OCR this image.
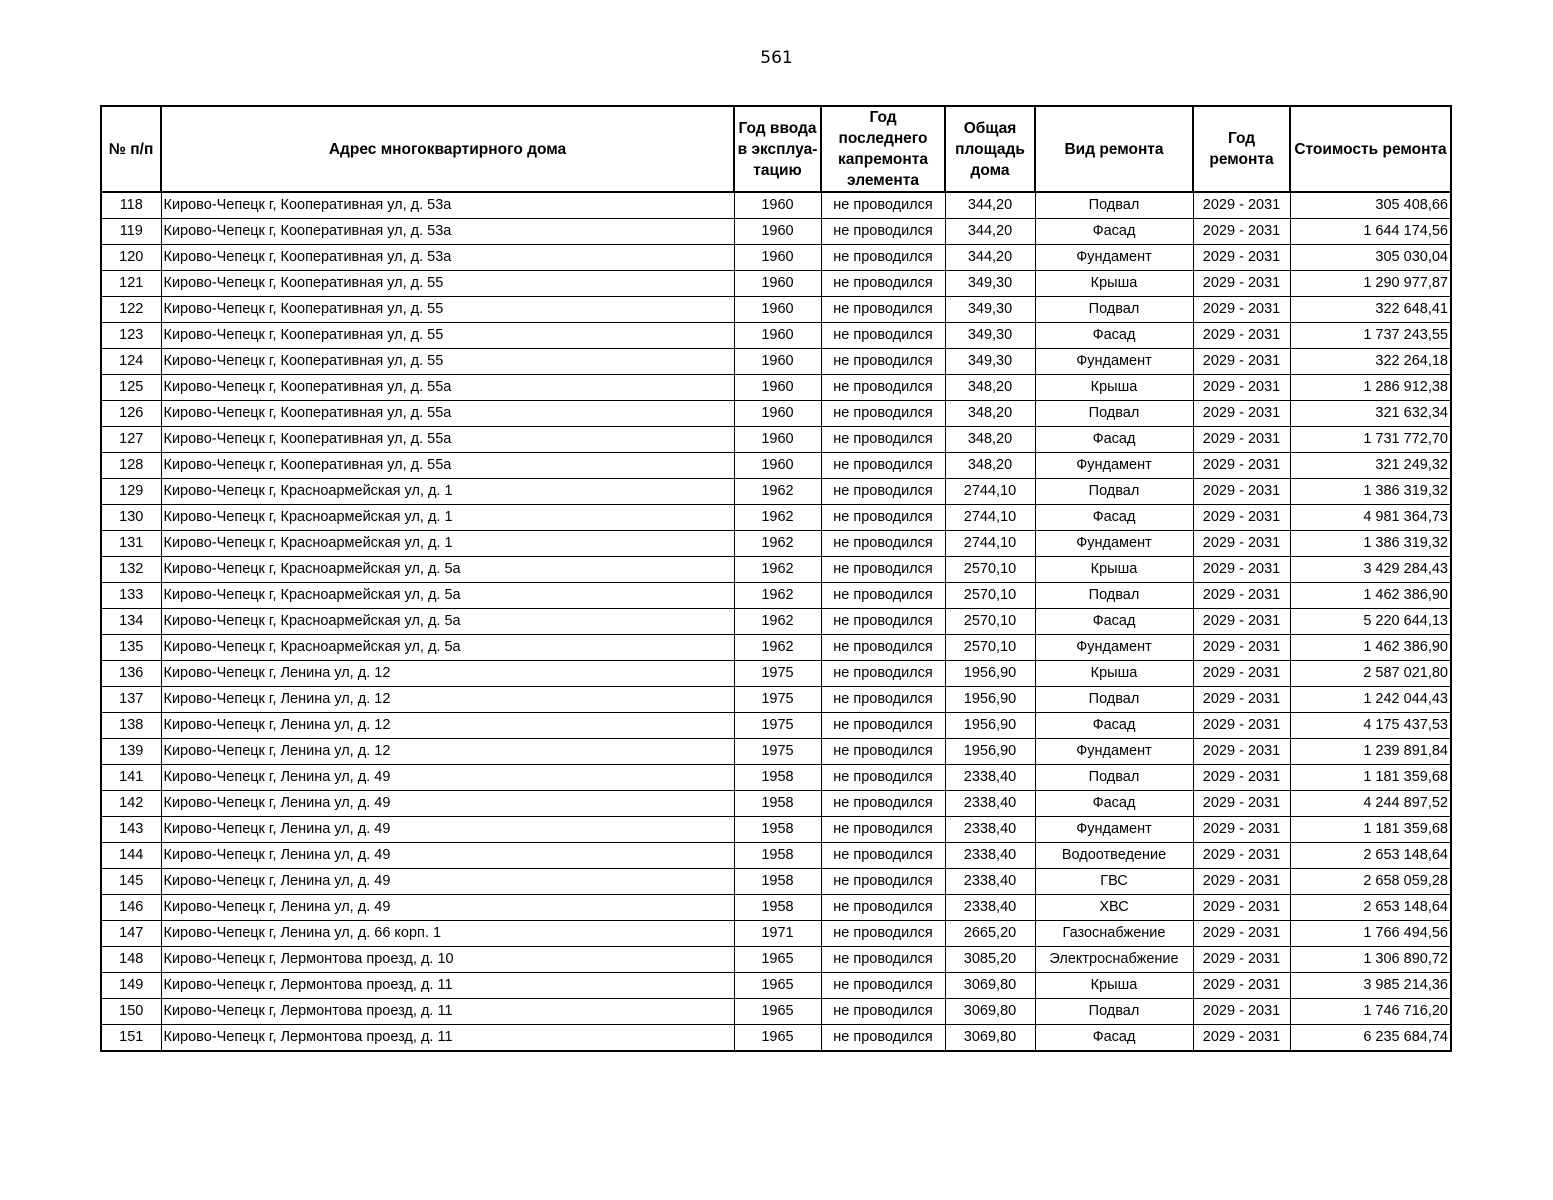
561
№ п/п	Адрес многоквартирного дома	Год ввода в эксплуа-тацию	Год последнего капремонта элемента	Общая площадь дома	Вид ремонта	Год ремонта	Стоимость ремонта
118	Кирово-Чепецк г, Кооперативная ул, д. 53а	1960	не проводился	344,20	Подвал	2029 - 2031	305 408,66
119	Кирово-Чепецк г, Кооперативная ул, д. 53а	1960	не проводился	344,20	Фасад	2029 - 2031	1 644 174,56
120	Кирово-Чепецк г, Кооперативная ул, д. 53а	1960	не проводился	344,20	Фундамент	2029 - 2031	305 030,04
121	Кирово-Чепецк г, Кооперативная ул, д. 55	1960	не проводился	349,30	Крыша	2029 - 2031	1 290 977,87
122	Кирово-Чепецк г, Кооперативная ул, д. 55	1960	не проводился	349,30	Подвал	2029 - 2031	322 648,41
123	Кирово-Чепецк г, Кооперативная ул, д. 55	1960	не проводился	349,30	Фасад	2029 - 2031	1 737 243,55
124	Кирово-Чепецк г, Кооперативная ул, д. 55	1960	не проводился	349,30	Фундамент	2029 - 2031	322 264,18
125	Кирово-Чепецк г, Кооперативная ул, д. 55а	1960	не проводился	348,20	Крыша	2029 - 2031	1 286 912,38
126	Кирово-Чепецк г, Кооперативная ул, д. 55а	1960	не проводился	348,20	Подвал	2029 - 2031	321 632,34
127	Кирово-Чепецк г, Кооперативная ул, д. 55а	1960	не проводился	348,20	Фасад	2029 - 2031	1 731 772,70
128	Кирово-Чепецк г, Кооперативная ул, д. 55а	1960	не проводился	348,20	Фундамент	2029 - 2031	321 249,32
129	Кирово-Чепецк г, Красноармейская ул, д. 1	1962	не проводился	2744,10	Подвал	2029 - 2031	1 386 319,32
130	Кирово-Чепецк г, Красноармейская ул, д. 1	1962	не проводился	2744,10	Фасад	2029 - 2031	4 981 364,73
131	Кирово-Чепецк г, Красноармейская ул, д. 1	1962	не проводился	2744,10	Фундамент	2029 - 2031	1 386 319,32
132	Кирово-Чепецк г, Красноармейская ул, д. 5а	1962	не проводился	2570,10	Крыша	2029 - 2031	3 429 284,43
133	Кирово-Чепецк г, Красноармейская ул, д. 5а	1962	не проводился	2570,10	Подвал	2029 - 2031	1 462 386,90
134	Кирово-Чепецк г, Красноармейская ул, д. 5а	1962	не проводился	2570,10	Фасад	2029 - 2031	5 220 644,13
135	Кирово-Чепецк г, Красноармейская ул, д. 5а	1962	не проводился	2570,10	Фундамент	2029 - 2031	1 462 386,90
136	Кирово-Чепецк г, Ленина ул, д. 12	1975	не проводился	1956,90	Крыша	2029 - 2031	2 587 021,80
137	Кирово-Чепецк г, Ленина ул, д. 12	1975	не проводился	1956,90	Подвал	2029 - 2031	1 242 044,43
138	Кирово-Чепецк г, Ленина ул, д. 12	1975	не проводился	1956,90	Фасад	2029 - 2031	4 175 437,53
139	Кирово-Чепецк г, Ленина ул, д. 12	1975	не проводился	1956,90	Фундамент	2029 - 2031	1 239 891,84
141	Кирово-Чепецк г, Ленина ул, д. 49	1958	не проводился	2338,40	Подвал	2029 - 2031	1 181 359,68
142	Кирово-Чепецк г, Ленина ул, д. 49	1958	не проводился	2338,40	Фасад	2029 - 2031	4 244 897,52
143	Кирово-Чепецк г, Ленина ул, д. 49	1958	не проводился	2338,40	Фундамент	2029 - 2031	1 181 359,68
144	Кирово-Чепецк г, Ленина ул, д. 49	1958	не проводился	2338,40	Водоотведение	2029 - 2031	2 653 148,64
145	Кирово-Чепецк г, Ленина ул, д. 49	1958	не проводился	2338,40	ГВС	2029 - 2031	2 658 059,28
146	Кирово-Чепецк г, Ленина ул, д. 49	1958	не проводился	2338,40	ХВС	2029 - 2031	2 653 148,64
147	Кирово-Чепецк г, Ленина ул, д. 66 корп. 1	1971	не проводился	2665,20	Газоснабжение	2029 - 2031	1 766 494,56
148	Кирово-Чепецк г, Лермонтова проезд, д. 10	1965	не проводился	3085,20	Электроснабжение	2029 - 2031	1 306 890,72
149	Кирово-Чепецк г, Лермонтова проезд, д. 11	1965	не проводился	3069,80	Крыша	2029 - 2031	3 985 214,36
150	Кирово-Чепецк г, Лермонтова проезд, д. 11	1965	не проводился	3069,80	Подвал	2029 - 2031	1 746 716,20
151	Кирово-Чепецк г, Лермонтова проезд, д. 11	1965	не проводился	3069,80	Фасад	2029 - 2031	6 235 684,74
